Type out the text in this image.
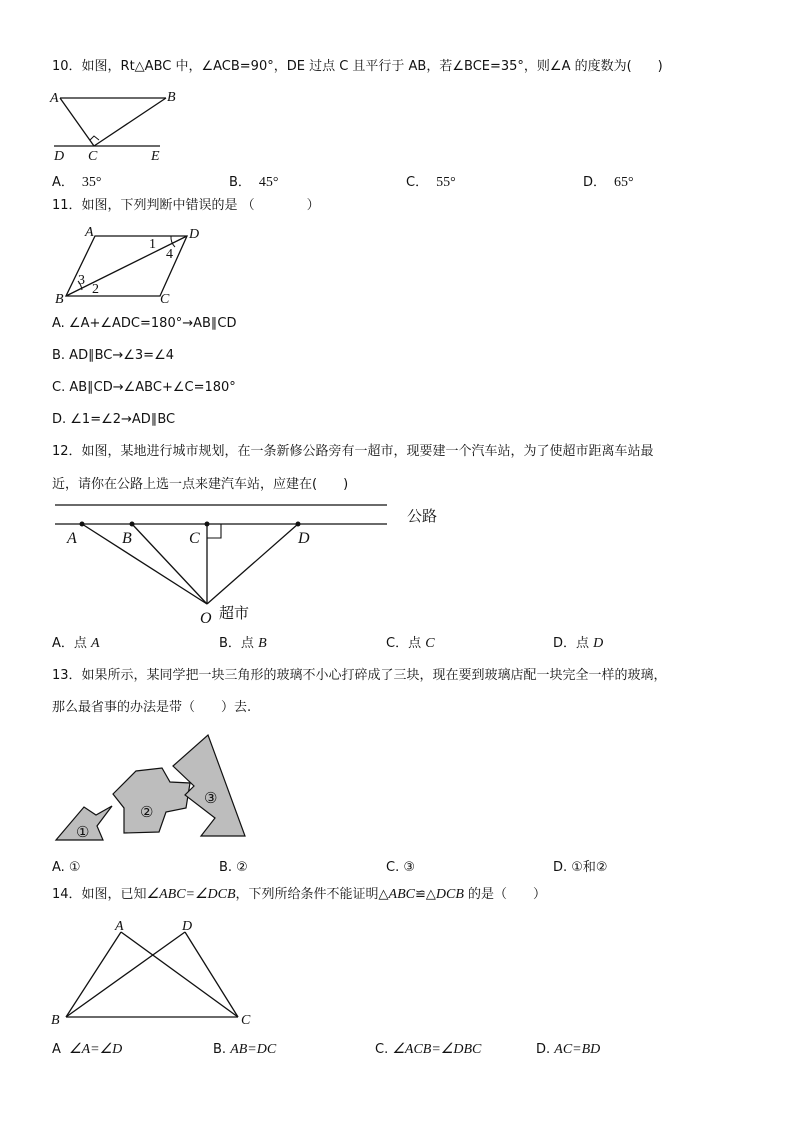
10．如图，Rt△ABC 中，∠ACB=90°，DE 过点 C 且平行于 AB，若∠BCE=35°，则∠A 的度数为(　　)
A	B
D C	E
A． 35°	B． 45°	C． 55°	D． 65°
11．如图，下列判断中错误的是 （　　　　）
A	D
B	C
1
4
3
2
A. ∠A+∠ADC=180°→AB∥CD
B. AD∥BC→∠3=∠4
C. AB∥CD→∠ABC+∠C=180°
D. ∠1=∠2→AD∥BC
12．如图，某地进行城市规划，在一条新修公路旁有一超市，现要建一个汽车站，为了使超市距离车站最
近，请你在公路上选一点来建汽车站，应建在(　　)
A	B	C	D
O
公路
超市
A．点 A	B．点 B	C．点 C	D．点 D
13．如果所示，某同学把一块三角形的玻璃不小心打碎成了三块，现在要到玻璃店配一块完全一样的玻璃，
那么最省事的办法是带（　　）去.
①
②
③
A. ①	B. ②	C. ③	D. ①和②
14．如图，已知∠ABC=∠DCB，下列所给条件不能证明△ABC≌△DCB 的是（　　）
A	D
B	C
A ∠A=∠D	B. AB=DC	C. ∠ACB=∠DBC	D. AC=BD
